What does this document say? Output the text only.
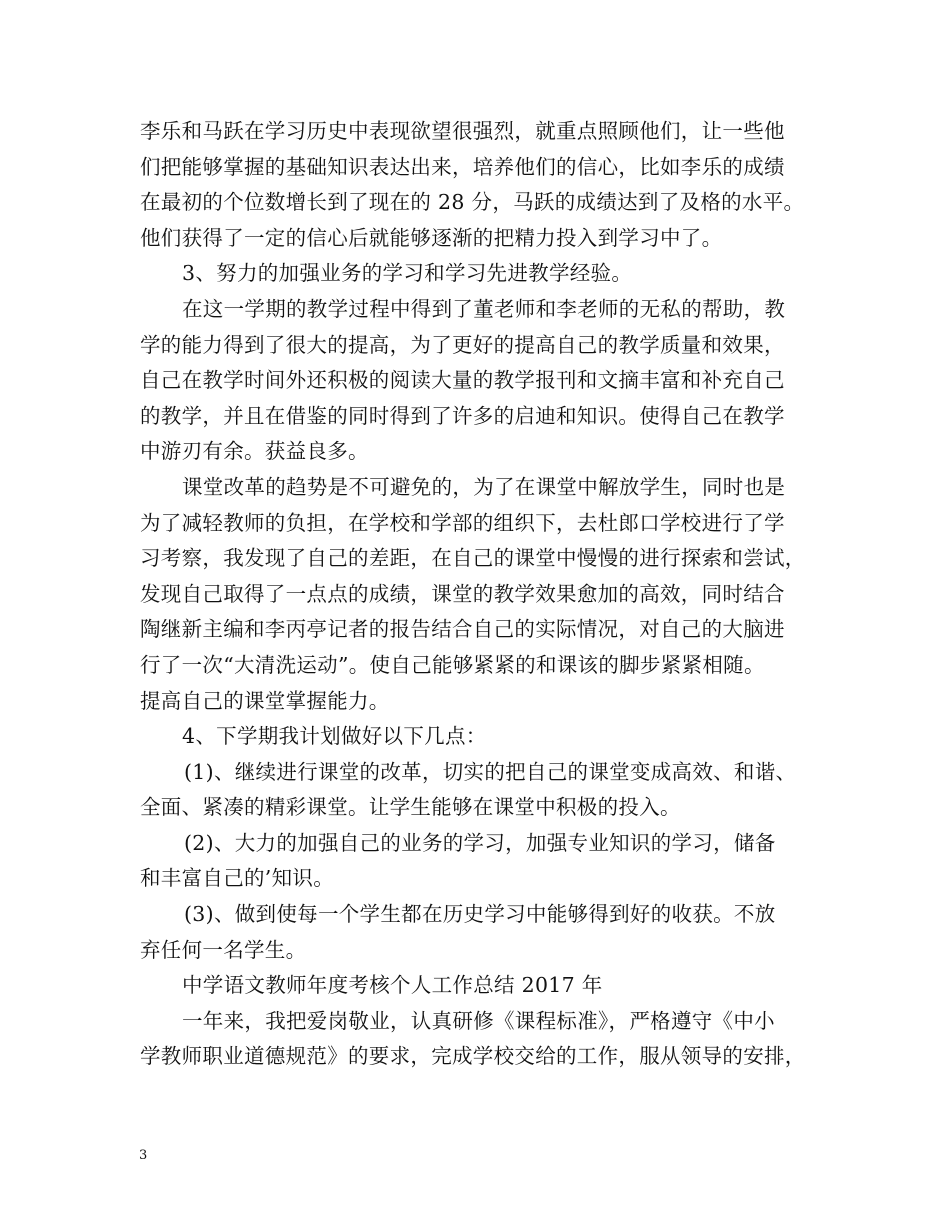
李乐和马跃在学习历史中表现欲望很强烈，就重点照顾他们，让一些他
们把能够掌握的基础知识表达出来，培养他们的信心，比如李乐的成绩
在最初的个位数增长到了现在的 28 分，马跃的成绩达到了及格的水平。
他们获得了一定的信心后就能够逐渐的把精力投入到学习中了。
3、努力的加强业务的学习和学习先进教学经验。
在这一学期的教学过程中得到了董老师和李老师的无私的帮助，教
学的能力得到了很大的提高，为了更好的提高自己的教学质量和效果，
自己在教学时间外还积极的阅读大量的教学报刊和文摘丰富和补充自己
的教学，并且在借鉴的同时得到了许多的启迪和知识。使得自己在教学
中游刃有余。获益良多。
课堂改革的趋势是不可避免的，为了在课堂中解放学生，同时也是
为了减轻教师的负担，在学校和学部的组织下，去杜郎口学校进行了学
习考察，我发现了自己的差距，在自己的课堂中慢慢的进行探索和尝试，
发现自己取得了一点点的成绩，课堂的教学效果愈加的高效，同时结合
陶继新主编和李丙亭记者的报告结合自己的实际情况，对自己的大脑进
行了一次“大清洗运动”。使自己能够紧紧的和课该的脚步紧紧相随。
提高自己的课堂掌握能力。
4、下学期我计划做好以下几点：
(1)、继续进行课堂的改革，切实的把自己的课堂变成高效、和谐、
全面、紧凑的精彩课堂。让学生能够在课堂中积极的投入。
(2)、大力的加强自己的业务的学习，加强专业知识的学习，储备
和丰富自己的’知识。
(3)、做到使每一个学生都在历史学习中能够得到好的收获。不放
弃任何一名学生。
中学语文教师年度考核个人工作总结 2017 年
一年来，我把爱岗敬业，认真研修《课程标准》，严格遵守《中小
学教师职业道德规范》的要求，完成学校交给的工作，服从领导的安排，
3
